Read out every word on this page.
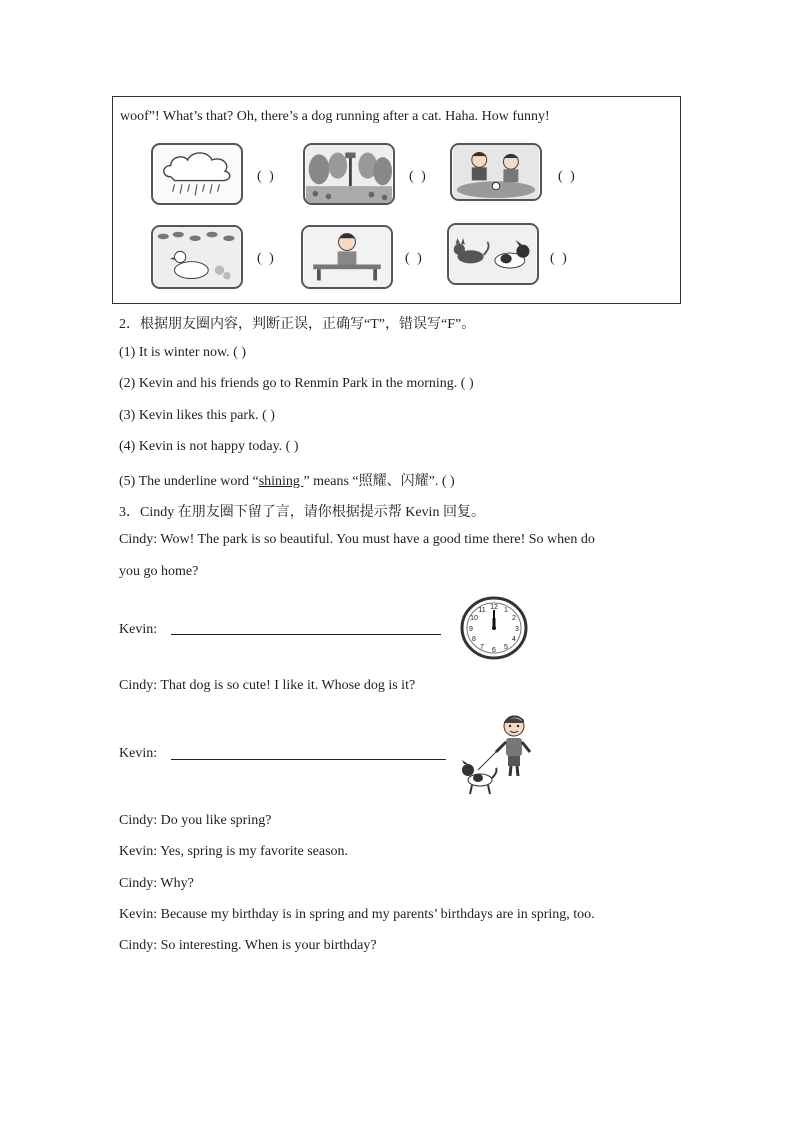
woof”! What’s that? Oh, there’s a dog running after a cat. Haha. How funny!
( )	( )	( )
( )	( )	( )
2．根据朋友圈内容，判断正误，正确写“T”，错误写“F”。
(1) It is winter now. ( )
(2) Kevin and his friends go to Renmin Park in the morning. ( )
(3) Kevin likes this park. ( )
(4) Kevin is not happy today. ( )
(5) The underline word “shining ” means “照耀、闪耀”. ( )
3．Cindy 在朋友圈下留了言，请你根据提示帮 Kevin 回复。
Cindy: Wow! The park is so beautiful. You must have a good time there! So when do
you go home?
Kevin:
12 1
2
3
4
5
6
7
8
9
10
11
Cindy: That dog is so cute! I like it. Whose dog is it?
Kevin:
Cindy: Do you like spring?
Kevin: Yes, spring is my favorite season.
Cindy: Why?
Kevin: Because my birthday is in spring and my parents’ birthdays are in spring, too.
Cindy: So interesting. When is your birthday?
